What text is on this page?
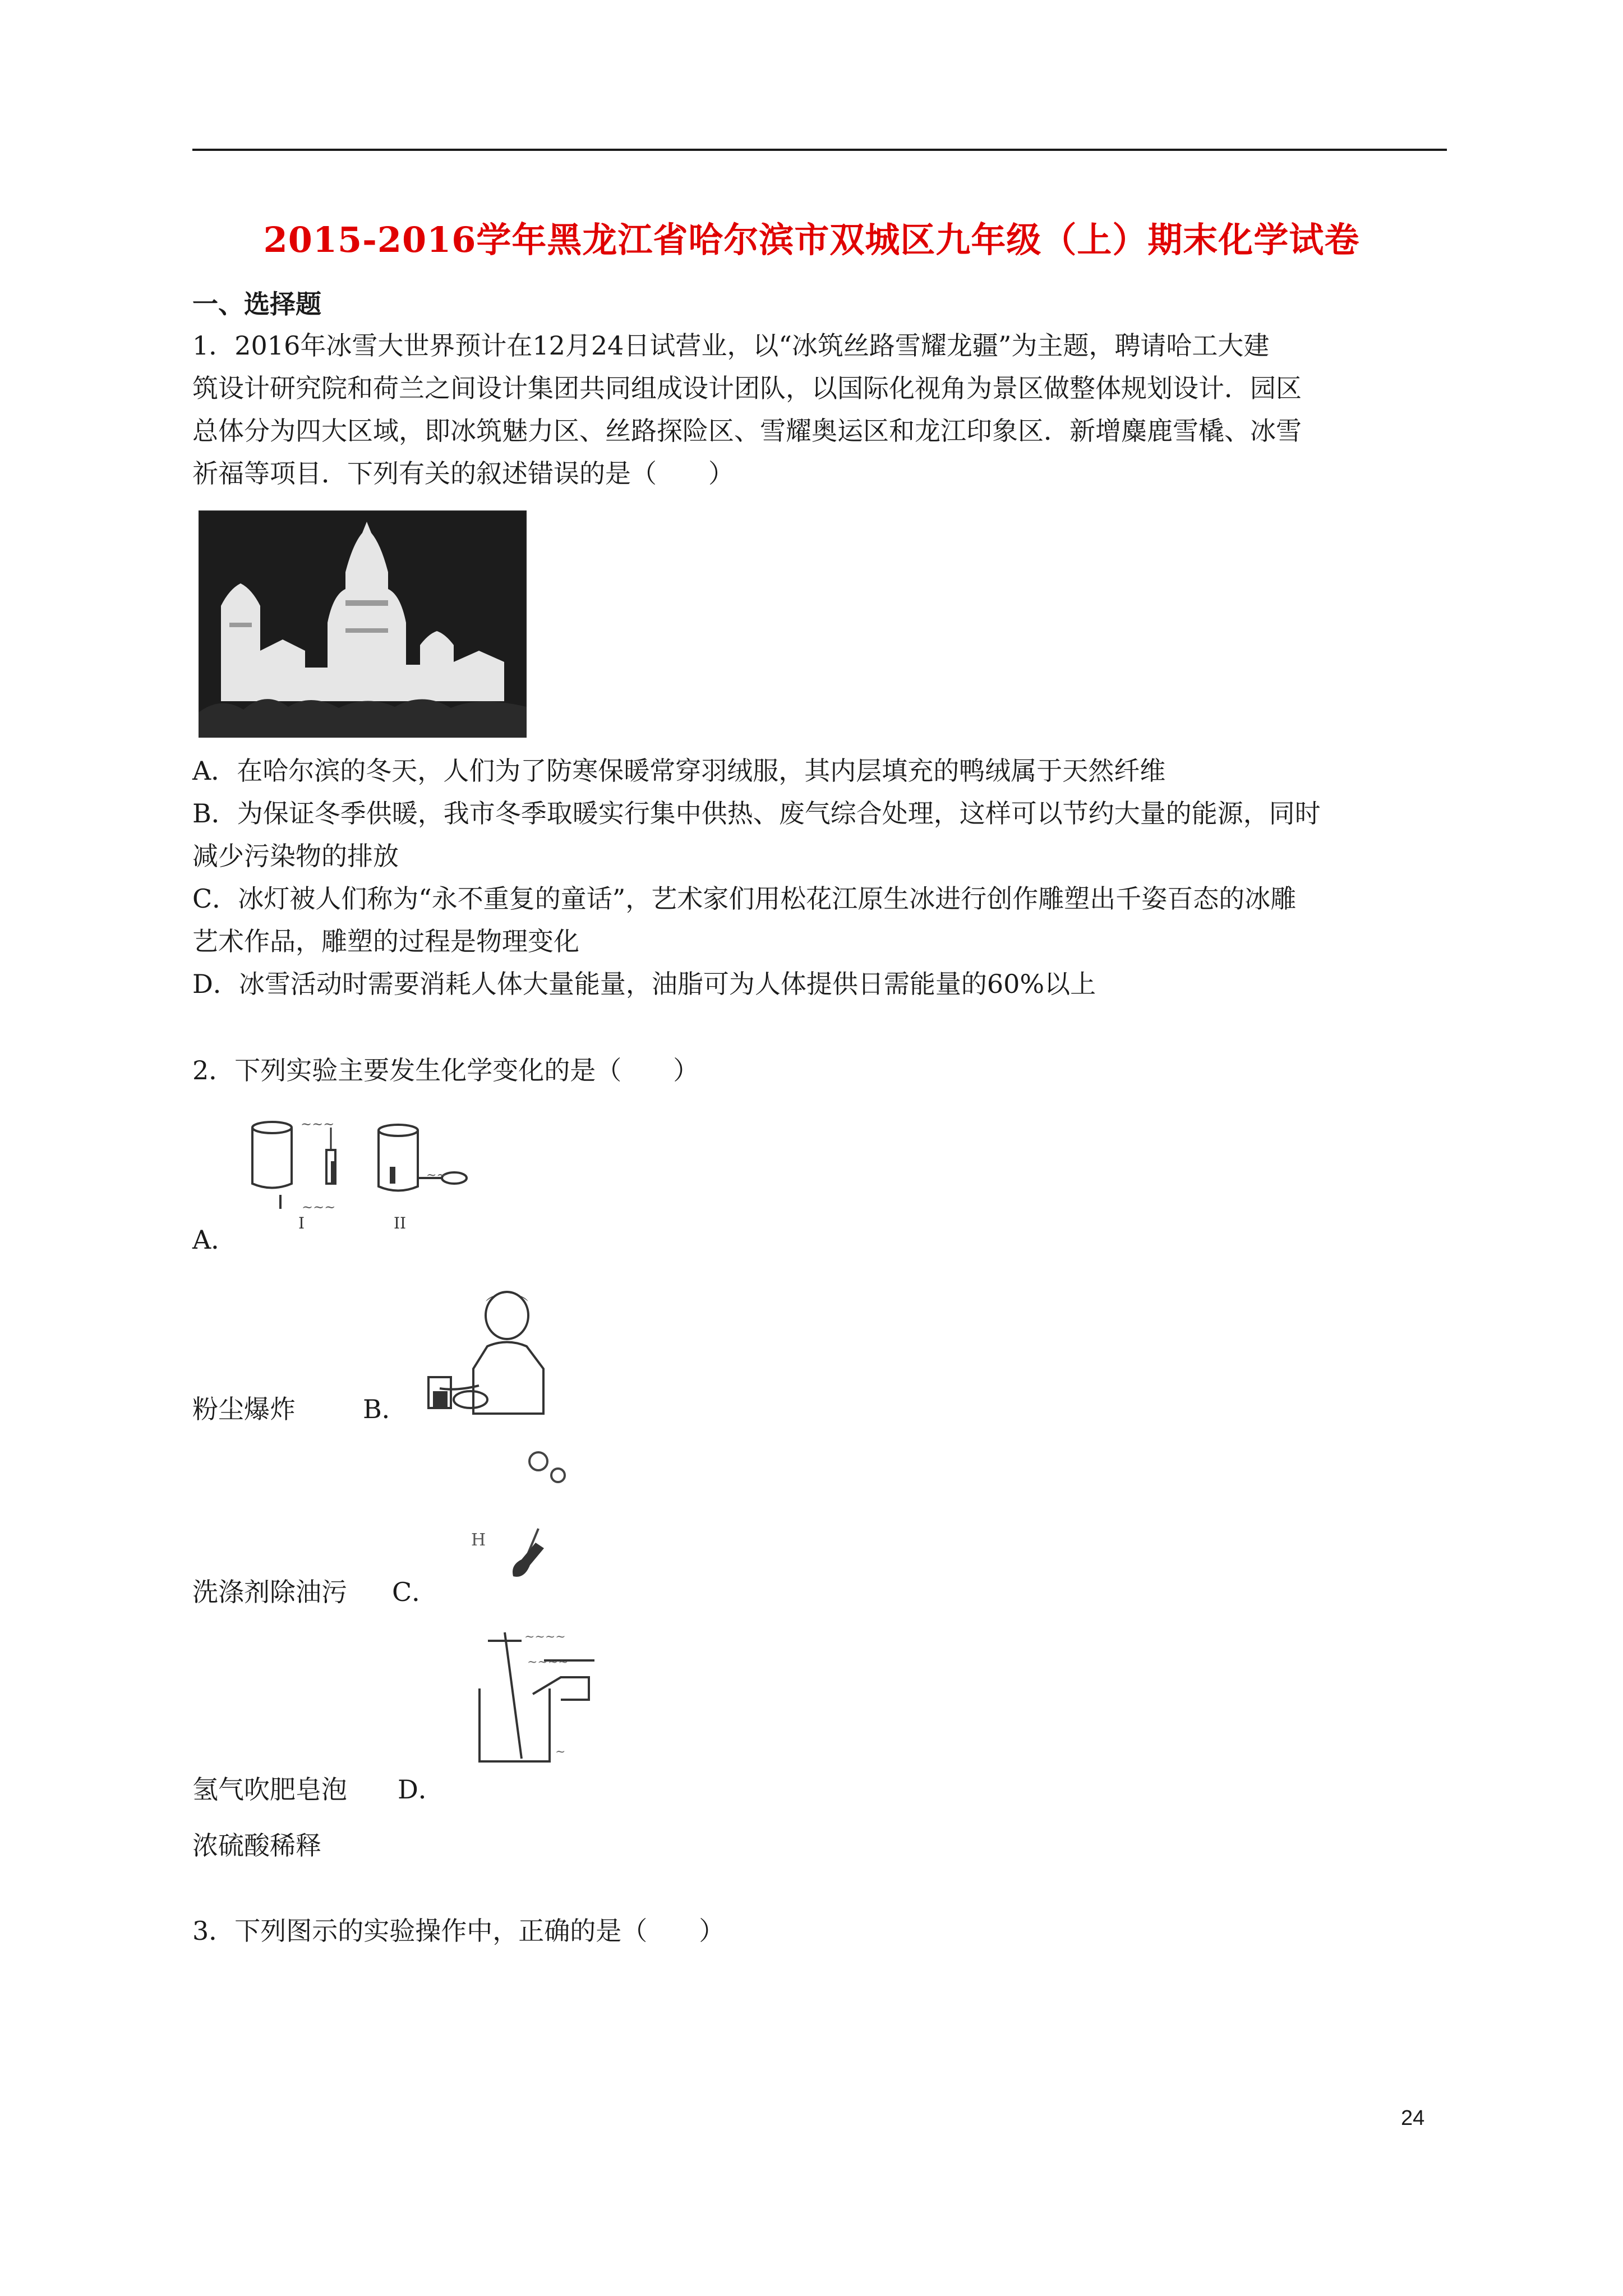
2015-2016学年黑龙江省哈尔滨市双城区九年级（上）期末化学试卷
一、选择题
1．2016年冰雪大世界预计在12月24日试营业，以“冰筑丝路雪耀龙疆”为主题，聘请哈工大建
筑设计研究院和荷兰之间设计集团共同组成设计团队，以国际化视角为景区做整体规划设计．园区
总体分为四大区域，即冰筑魅力区、丝路探险区、雪耀奥运区和龙江印象区．新增麋鹿雪橇、冰雪
祈福等项目．下列有关的叙述错误的是（　　）
A．在哈尔滨的冬天，人们为了防寒保暖常穿羽绒服，其内层填充的鸭绒属于天然纤维
B．为保证冬季供暖，我市冬季取暖实行集中供热、废气综合处理，这样可以节约大量的能源，同时
减少污染物的排放
C．冰灯被人们称为“永不重复的童话”，艺术家们用松花江原生冰进行创作雕塑出千姿百态的冰雕
艺术作品，雕塑的过程是物理变化
D．冰雪活动时需要消耗人体大量能量，油脂可为人体提供日需能量的60%以上
2．下列实验主要发生化学变化的是（　　）
~~~
~~~
~~
I	II
A．
粉尘爆炸	B．
H
洗涤剂除油污 C．
~~~~
~~~~
~
氢气吹肥皂泡 D．
浓硫酸稀释
3．下列图示的实验操作中，正确的是（　　）
24
